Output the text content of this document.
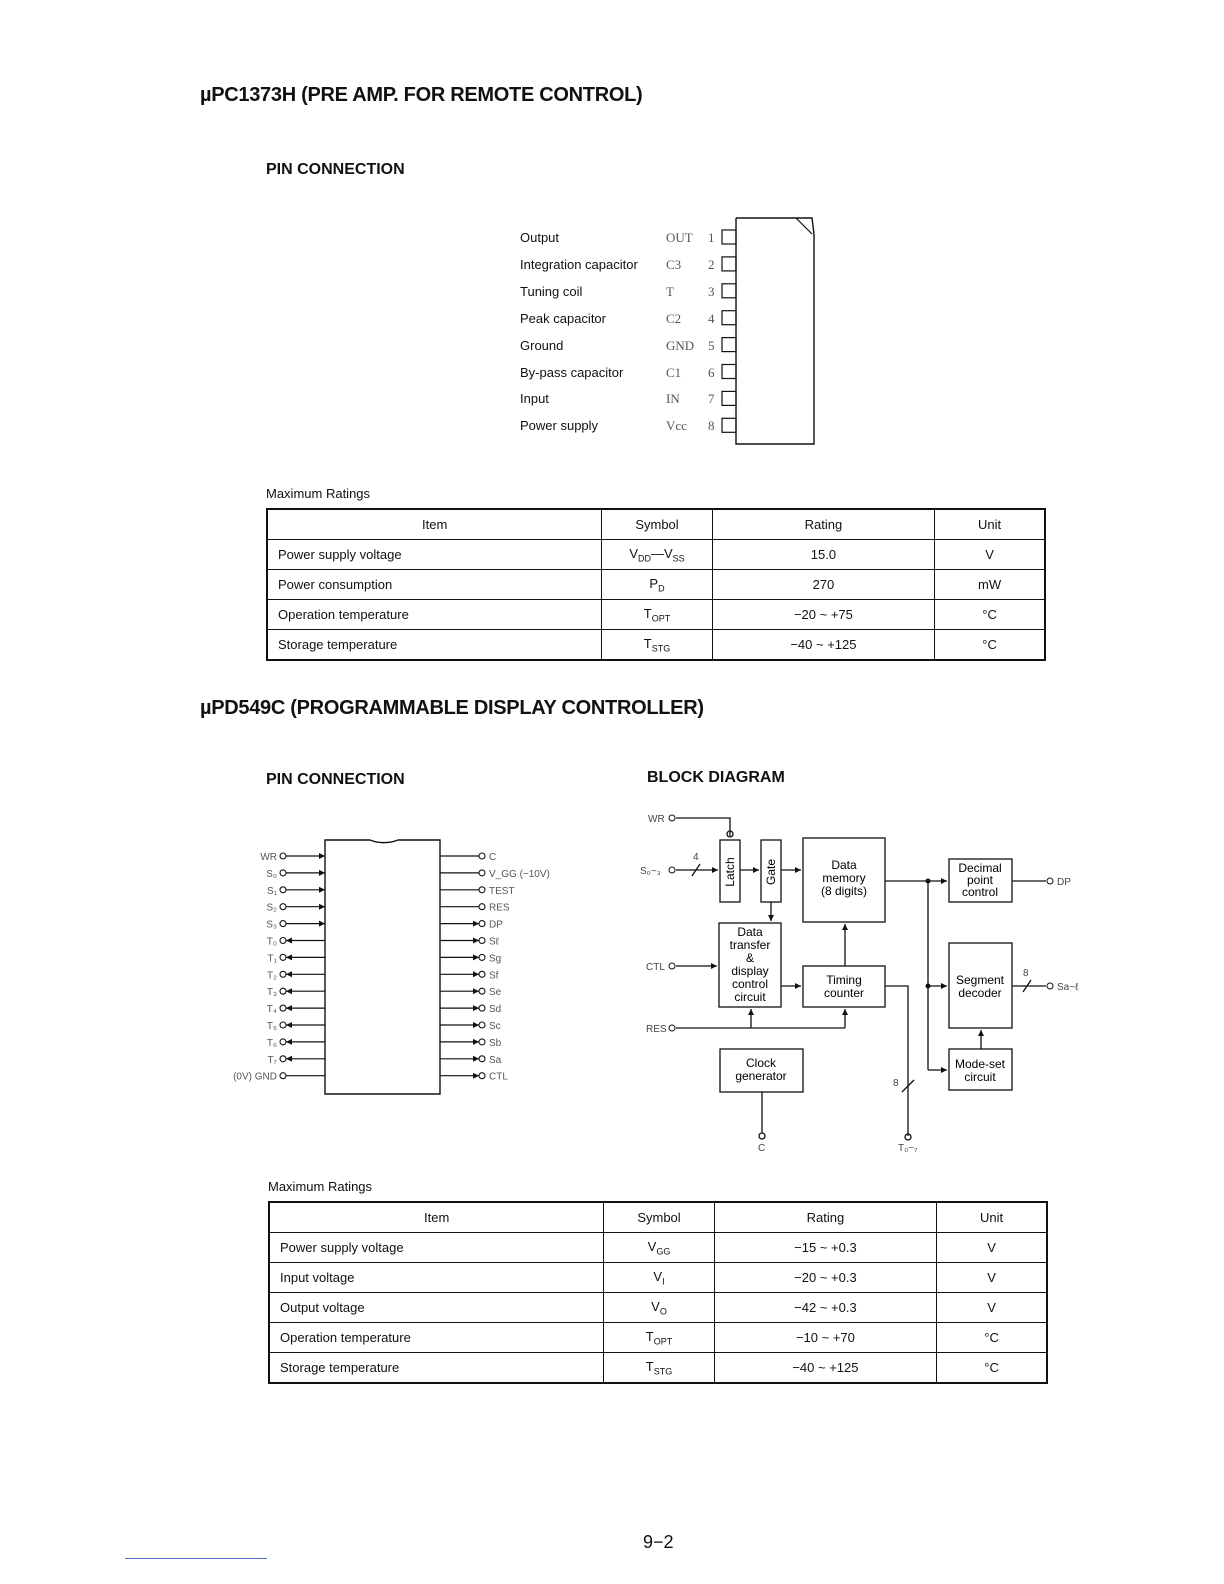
µPC1373H (PRE AMP. FOR REMOTE CONTROL)
PIN CONNECTION
Output	OUT 1
Integration capacitor C3 2
Tuning coil	T	3
Peak capacitor	C2 4
Ground	GND 5
By-pass capacitor	C1 6
Input	IN 7
Power supply	Vcc 8
Maximum Ratings
Item	Symbol	Rating	Unit
Power supply voltage	$V_{DD}—V_{SS}$	15.0	V
Power consumption	$P_D$	270	mW
Operation temperature	$T_{OPT}$	−20 ~ +75	°C
Storage temperature	$T_{STG}$	−40 ~ +125	°C
µPD549C (PROGRAMMABLE DISPLAY CONTROLLER)
PIN CONNECTION	BLOCK DIAGRAM
WR
S₀
S₁
S₂
S₃
T₀
T₁
T₂
T₃
T₄
T₅
T₆
T₇
(0V) GND
C
V_GG (−10V)
TEST
RES
DP
Sℓ
Sg
Sf
Se
Sd
Sc
Sb
Sa
CTL
Latch Gate	Data
memory
(8 digits)
Data
transfer
&
display
control
circuit
Timing
counter
Clock
generator
Decimal
point
control
Segment
decoder
Mode-set
circuit
WR
S₀~₃
CTL
RES
DP
Sa~ℓ
C	T₀~₇
4
8
8
Maximum Ratings
Item	Symbol	Rating	Unit
Power supply voltage	$V_{GG}$	−15 ~ +0.3	V
Input voltage	$V_I$	−20 ~ +0.3	V
Output voltage	$V_O$	−42 ~ +0.3	V
Operation temperature	$T_{OPT}$	−10 ~ +70	°C
Storage temperature	$T_{STG}$	−40 ~ +125	°C
9−2
